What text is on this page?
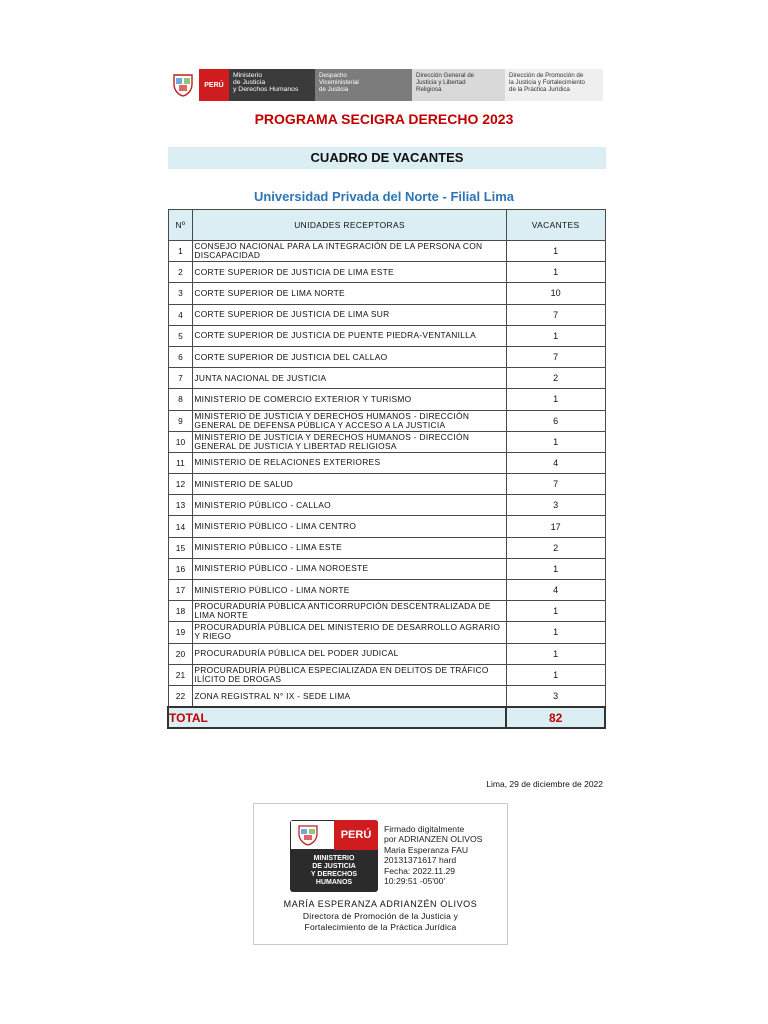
PERÚ
Ministerio
de Justicia
y Derechos Humanos
Despacho
Viceministerial
de Justicia
Dirección General de
Justicia y Libertad
Religiosa
Dirección de Promoción de
la Justicia y Fortalecimiento
de la Práctica Jurídica
PROGRAMA SECIGRA DERECHO 2023
CUADRO DE VACANTES
Universidad Privada del Norte - Filial Lima
Nº	UNIDADES RECEPTORAS	VACANTES
1	CONSEJO NACIONAL PARA LA INTEGRACIÓN DE LA PERSONA CON DISCAPACIDAD	1
2	CORTE SUPERIOR DE JUSTICIA DE LIMA ESTE	1
3	CORTE SUPERIOR DE LIMA NORTE	10
4	CORTE SUPERIOR DE JUSTICIA DE LIMA SUR	7
5	CORTE SUPERIOR DE JUSTICIA DE PUENTE PIEDRA-VENTANILLA	1
6	CORTE SUPERIOR DE JUSTICIA DEL CALLAO	7
7	JUNTA NACIONAL DE JUSTICIA	2
8	MINISTERIO DE COMERCIO EXTERIOR Y TURISMO	1
9	MINISTERIO DE JUSTICIA Y DERECHOS HUMANOS - DIRECCIÓN GENERAL DE DEFENSA PÚBLICA Y ACCESO A LA JUSTICIA	6
10	MINISTERIO DE JUSTICIA Y DERECHOS HUMANOS - DIRECCIÓN GENERAL DE JUSTICIA Y LIBERTAD RELIGIOSA	1
11	MINISTERIO DE RELACIONES EXTERIORES	4
12	MINISTERIO DE SALUD	7
13	MINISTERIO PÚBLICO - CALLAO	3
14	MINISTERIO PÚBLICO - LIMA CENTRO	17
15	MINISTERIO PÚBLICO - LIMA ESTE	2
16	MINISTERIO PÚBLICO - LIMA NOROESTE	1
17	MINISTERIO PÚBLICO - LIMA NORTE	4
18	PROCURADURÍA PÚBLICA ANTICORRUPCIÓN DESCENTRALIZADA DE LIMA NORTE	1
19	PROCURADURÍA PÚBLICA DEL MINISTERIO DE DESARROLLO AGRARIO Y RIEGO	1
20	PROCURADURÍA PÚBLICA DEL PODER JUDICAL	1
21	PROCURADURÍA PÚBLICA ESPECIALIZADA EN DELITOS DE TRÁFICO ILÍCITO DE DROGAS	1
22	ZONA REGISTRAL N° IX - SEDE LIMA	3
TOTAL		82
Lima, 29 de diciembre de 2022
PERÚ
MINISTERIO
DE JUSTICIA
Y DERECHOS
HUMANOS
Firmado digitalmente
por ADRIANZEN OLIVOS
Maria Esperanza FAU
20131371617 hard
Fecha: 2022.11.29
10:29:51 -05'00'
MARÍA ESPERANZA ADRIANZÉN OLIVOS
Directora de Promoción de la Justicia y
Fortalecimiento de la Práctica Jurídica
